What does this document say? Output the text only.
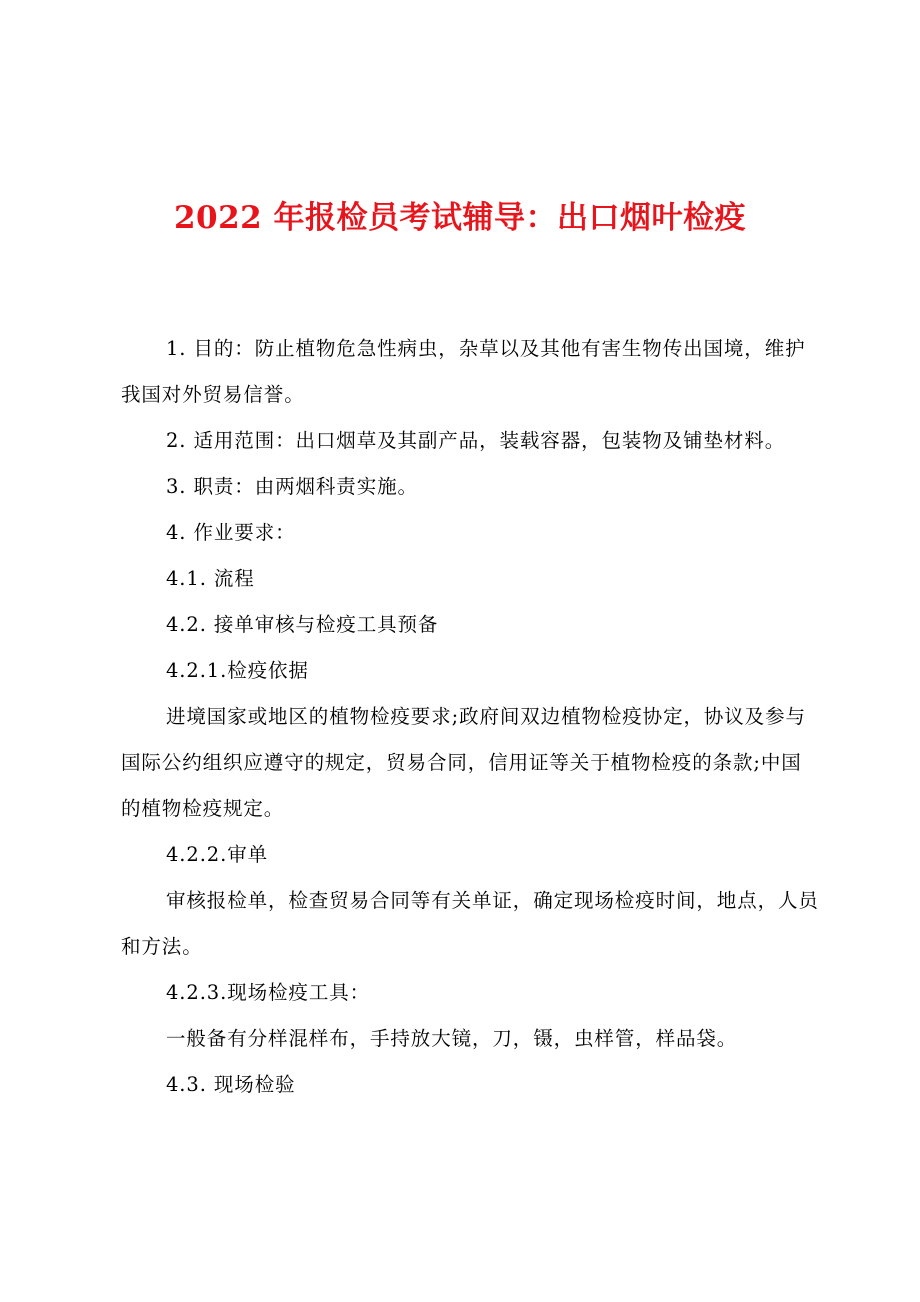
2022 年报检员考试辅导：出口烟叶检疫

1. 目的：防止植物危急性病虫，杂草以及其他有害生物传出国境，维护我国对外贸易信誉。

2. 适用范围：出口烟草及其副产品，装载容器，包装物及铺垫材料。

3. 职责：由两烟科责实施。

4. 作业要求：

4.1. 流程

4.2. 接单审核与检疫工具预备

4.2.1.检疫依据

进境国家或地区的植物检疫要求;政府间双边植物检疫协定，协议及参与国际公约组织应遵守的规定，贸易合同，信用证等关于植物检疫的条款;中国的植物检疫规定。

4.2.2.审单

审核报检单，检查贸易合同等有关单证，确定现场检疫时间，地点，人员和方法。

4.2.3.现场检疫工具：

一般备有分样混样布，手持放大镜，刀，镊，虫样管，样品袋。

4.3. 现场检验
